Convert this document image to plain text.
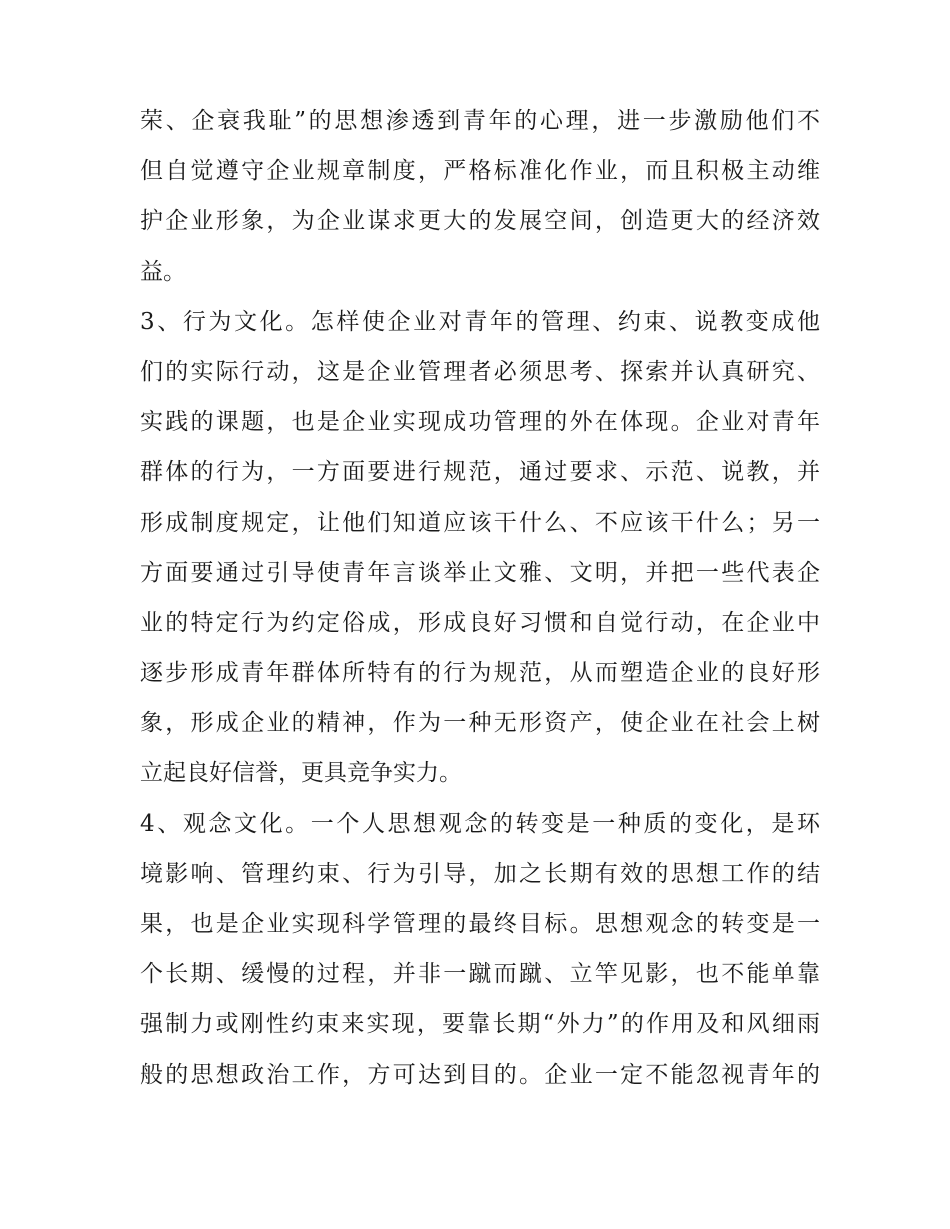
荣、企衰我耻”的思想渗透到青年的心理，进一步激励他们不
但自觉遵守企业规章制度，严格标准化作业，而且积极主动维
护企业形象，为企业谋求更大的发展空间，创造更大的经济效
益。
3、行为文化。怎样使企业对青年的管理、约束、说教变成他
们的实际行动，这是企业管理者必须思考、探索并认真研究、
实践的课题，也是企业实现成功管理的外在体现。企业对青年
群体的行为，一方面要进行规范，通过要求、示范、说教，并
形成制度规定，让他们知道应该干什么、不应该干什么；另一
方面要通过引导使青年言谈举止文雅、文明，并把一些代表企
业的特定行为约定俗成，形成良好习惯和自觉行动，在企业中
逐步形成青年群体所特有的行为规范，从而塑造企业的良好形
象，形成企业的精神，作为一种无形资产，使企业在社会上树
立起良好信誉，更具竞争实力。
4、观念文化。一个人思想观念的转变是一种质的变化，是环
境影响、管理约束、行为引导，加之长期有效的思想工作的结
果，也是企业实现科学管理的最终目标。思想观念的转变是一
个长期、缓慢的过程，并非一蹴而蹴、立竿见影，也不能单靠
强制力或刚性约束来实现，要靠长期“外力”的作用及和风细雨
般的思想政治工作，方可达到目的。企业一定不能忽视青年的
